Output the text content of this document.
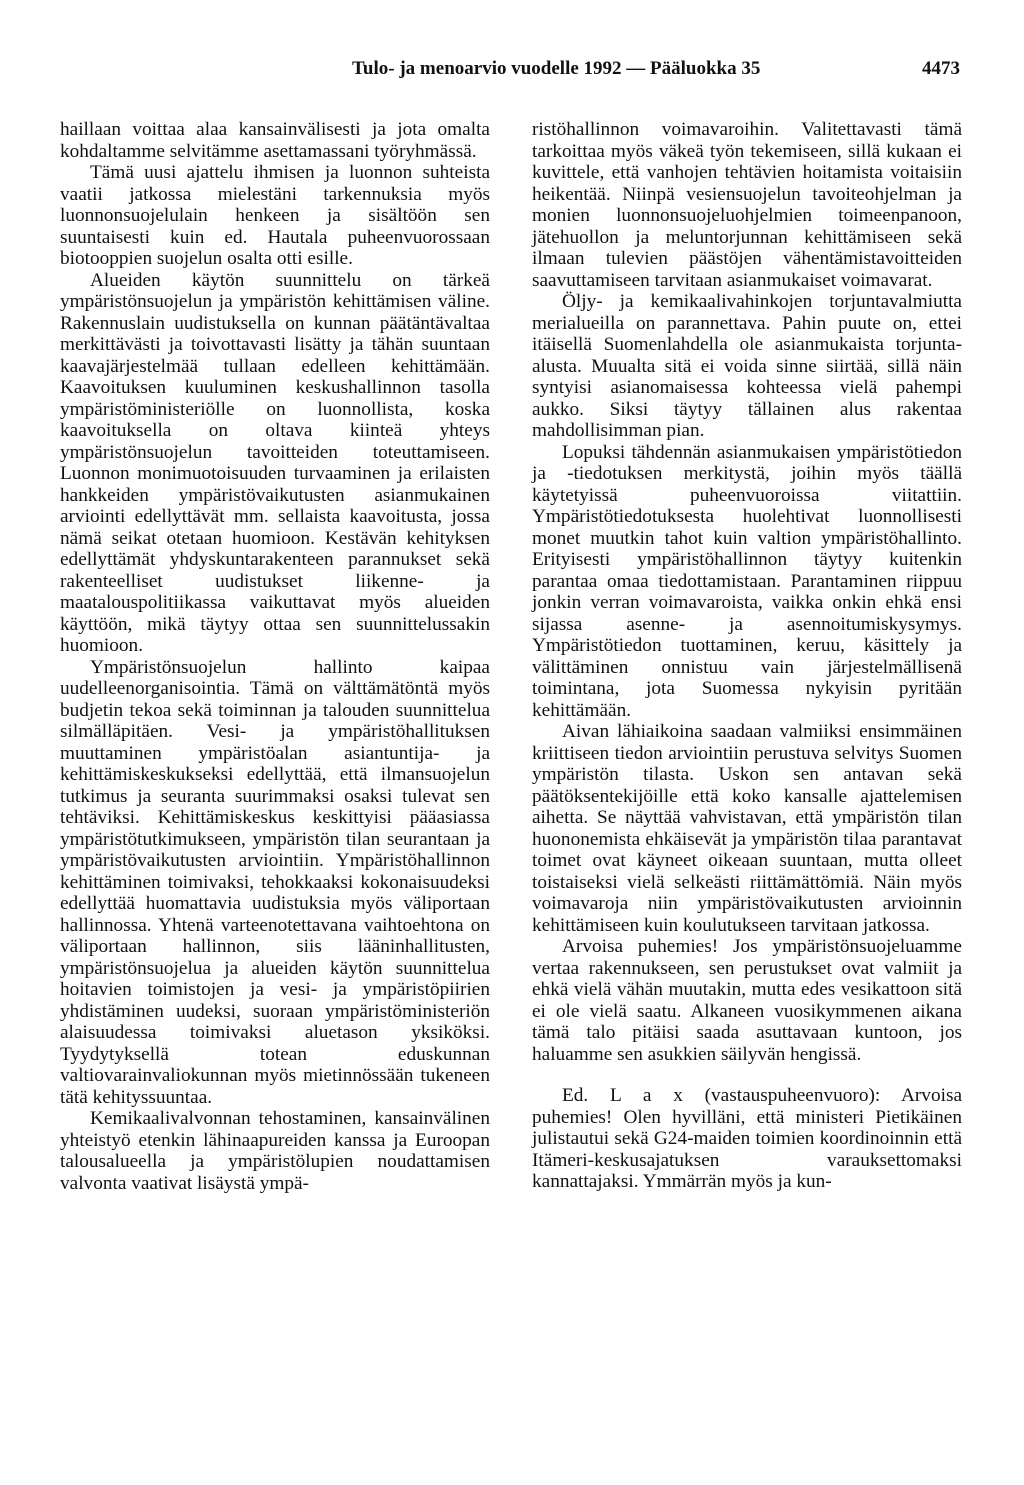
Tulo- ja menoarvio vuodelle 1992 — Pääluokka 35	4473

haillaan voittaa alaa kansainvälisesti ja jota omalta kohdaltamme selvitämme asettamassani työryhmässä.

Tämä uusi ajattelu ihmisen ja luonnon suhteista vaatii jatkossa mielestäni tarkennuksia myös luonnonsuojelulain henkeen ja sisältöön sen suuntaisesti kuin ed. Hautala puheenvuorossaan biotooppien suojelun osalta otti esille.

Alueiden käytön suunnittelu on tärkeä ympäristönsuojelun ja ympäristön kehittämisen väline. Rakennuslain uudistuksella on kunnan päätäntävaltaa merkittävästi ja toivottavasti lisätty ja tähän suuntaan kaavajärjestelmää tullaan edelleen kehittämään. Kaavoituksen kuuluminen keskushallinnon tasolla ympäristöministeriölle on luonnollista, koska kaavoituksella on oltava kiinteä yhteys ympäristönsuojelun tavoitteiden toteuttamiseen. Luonnon monimuotoisuuden turvaaminen ja erilaisten hankkeiden ympäristövaikutusten asianmukainen arviointi edellyttävät mm. sellaista kaavoitusta, jossa nämä seikat otetaan huomioon. Kestävän kehityksen edellyttämät yhdyskuntarakenteen parannukset sekä rakenteelliset uudistukset liikenne- ja maatalouspolitiikassa vaikuttavat myös alueiden käyttöön, mikä täytyy ottaa sen suunnittelussakin huomioon.

Ympäristönsuojelun hallinto kaipaa uudelleenorganisointia. Tämä on välttämätöntä myös budjetin tekoa sekä toiminnan ja talouden suunnittelua silmälläpitäen. Vesi- ja ympäristöhallituksen muuttaminen ympäristöalan asiantuntija- ja kehittämiskeskukseksi edellyttää, että ilmansuojelun tutkimus ja seuranta suurimmaksi osaksi tulevat sen tehtäviksi. Kehittämiskeskus keskittyisi pääasiassa ympäristötutkimukseen, ympäristön tilan seurantaan ja ympäristövaikutusten arviointiin. Ympäristöhallinnon kehittäminen toimivaksi, tehokkaaksi kokonaisuudeksi edellyttää huomattavia uudistuksia myös väliportaan hallinnossa. Yhtenä varteenotettavana vaihtoehtona on väliportaan hallinnon, siis lääninhallitusten, ympäristönsuojelua ja alueiden käytön suunnittelua hoitavien toimistojen ja vesi- ja ympäristöpiirien yhdistäminen uudeksi, suoraan ympäristöministeriön alaisuudessa toimivaksi aluetason yksiköksi. Tyydytyksellä totean eduskunnan valtiovarainvaliokunnan myös mietinnössään tukeneen tätä kehityssuuntaa.

Kemikaalivalvonnan tehostaminen, kansainvälinen yhteistyö etenkin lähinaapureiden kanssa ja Euroopan talousalueella ja ympäristölupien noudattamisen valvonta vaativat lisäystä ympä-

ristöhallinnon voimavaroihin. Valitettavasti tämä tarkoittaa myös väkeä työn tekemiseen, sillä kukaan ei kuvittele, että vanhojen tehtävien hoitamista voitaisiin heikentää. Niinpä vesiensuojelun tavoiteohjelman ja monien luonnonsuojeluohjelmien toimeenpanoon, jätehuollon ja meluntorjunnan kehittämiseen sekä ilmaan tulevien päästöjen vähentämistavoitteiden saavuttamiseen tarvitaan asianmukaiset voimavarat.

Öljy- ja kemikaalivahinkojen torjuntavalmiutta merialueilla on parannettava. Pahin puute on, ettei itäisellä Suomenlahdella ole asianmukaista torjunta-alusta. Muualta sitä ei voida sinne siirtää, sillä näin syntyisi asianomaisessa kohteessa vielä pahempi aukko. Siksi täytyy tällainen alus rakentaa mahdollisimman pian.

Lopuksi tähdennän asianmukaisen ympäristötiedon ja -tiedotuksen merkitystä, joihin myös täällä käytetyissä puheenvuoroissa viitattiin. Ympäristötiedotuksesta huolehtivat luonnollisesti monet muutkin tahot kuin valtion ympäristöhallinto. Erityisesti ympäristöhallinnon täytyy kuitenkin parantaa omaa tiedottamistaan. Parantaminen riippuu jonkin verran voimavaroista, vaikka onkin ehkä ensi sijassa asenne- ja asennoitumiskysymys. Ympäristötiedon tuottaminen, keruu, käsittely ja välittäminen onnistuu vain järjestelmällisenä toimintana, jota Suomessa nykyisin pyritään kehittämään.

Aivan lähiaikoina saadaan valmiiksi ensimmäinen kriittiseen tiedon arviointiin perustuva selvitys Suomen ympäristön tilasta. Uskon sen antavan sekä päätöksentekijöille että koko kansalle ajattelemisen aihetta. Se näyttää vahvistavan, että ympäristön tilan huononemista ehkäisevät ja ympäristön tilaa parantavat toimet ovat käyneet oikeaan suuntaan, mutta olleet toistaiseksi vielä selkeästi riittämättömiä. Näin myös voimavaroja niin ympäristövaikutusten arvioinnin kehittämiseen kuin koulutukseen tarvitaan jatkossa.

Arvoisa puhemies! Jos ympäristönsuojeluamme vertaa rakennukseen, sen perustukset ovat valmiit ja ehkä vielä vähän muutakin, mutta edes vesikattoon sitä ei ole vielä saatu. Alkaneen vuosikymmenen aikana tämä talo pitäisi saada asuttavaan kuntoon, jos haluamme sen asukkien säilyvän hengissä.

Ed. L a x (vastauspuheenvuoro): Arvoisa puhemies! Olen hyvilläni, että ministeri Pietikäinen julistautui sekä G24-maiden toimien koordinoinnin että Itämeri-keskusajatuksen varauksettomaksi kannattajaksi. Ymmärrän myös ja kun-
